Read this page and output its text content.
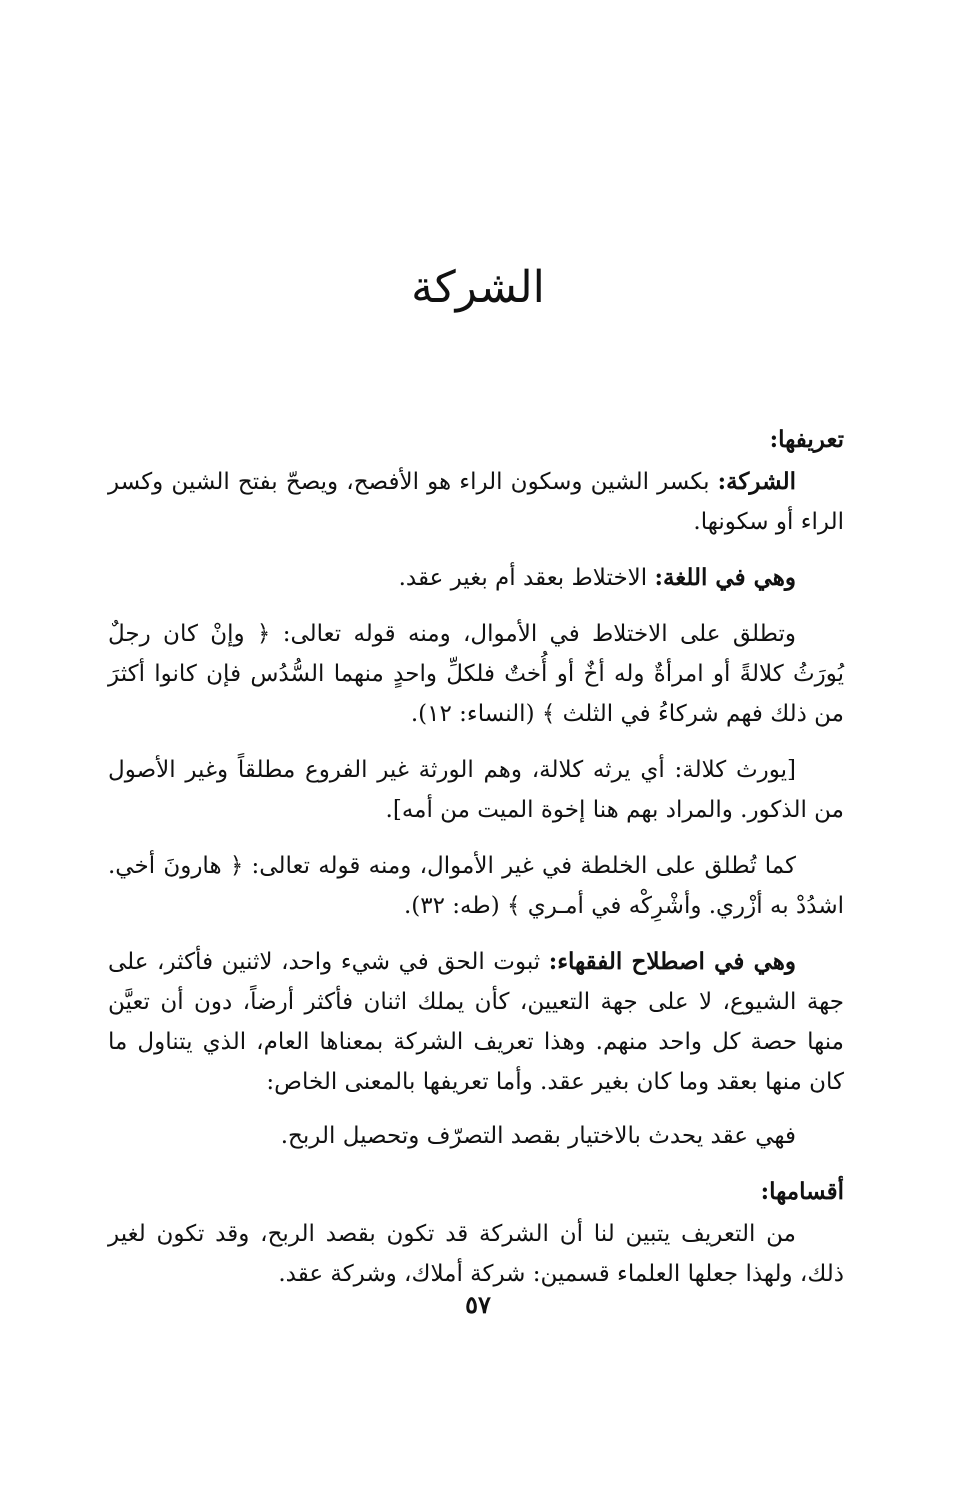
الشركة
تعريفها:

الشركة: بكسر الشين وسكون الراء هو الأفصح، ويصحّ بفتح الشين وكسر الراء أو سكونها.

وهي في اللغة: الاختلاط بعقد أم بغير عقد.

وتطلق على الاختلاط في الأموال، ومنه قوله تعالى: ﴿ وإنْ كان رجلٌ يُورَثُ كلالةً أو امرأةٌ وله أخٌ أو أُختٌ فلكلِّ واحدٍ منهما السُّدُس فإن كانوا أكثرَ من ذلك فهم شركاءُ في الثلث ﴾ (النساء: ١٢).

[يورث كلالة: أي يرثه كلالة، وهم الورثة غير الفروع مطلقاً وغير الأصول من الذكور. والمراد بهم هنا إخوة الميت من أمه].

كما تُطلق على الخلطة في غير الأموال، ومنه قوله تعالى: ﴿ هارونَ أخي. اشدُدْ به أزْري. وأشْرِكْه في أمـري ﴾ (طه: ٣٢).

وهي في اصطلاح الفقهاء: ثبوت الحق في شيء واحد، لاثنين فأكثر، على جهة الشيوع، لا على جهة التعيين، كأن يملك اثنان فأكثر أرضاً، دون أن تعيَّن منها حصة كل واحد منهم. وهذا تعريف الشركة بمعناها العام، الذي يتناول ما كان منها بعقد وما كان بغير عقد. وأما تعريفها بالمعنى الخاص:

فهي عقد يحدث بالاختيار بقصد التصرّف وتحصيل الربح.

أقسامها:

من التعريف يتبين لنا أن الشركة قد تكون بقصد الربح، وقد تكون لغير ذلك، ولهذا جعلها العلماء قسمين: شركة أملاك، وشركة عقد.

٥٧
